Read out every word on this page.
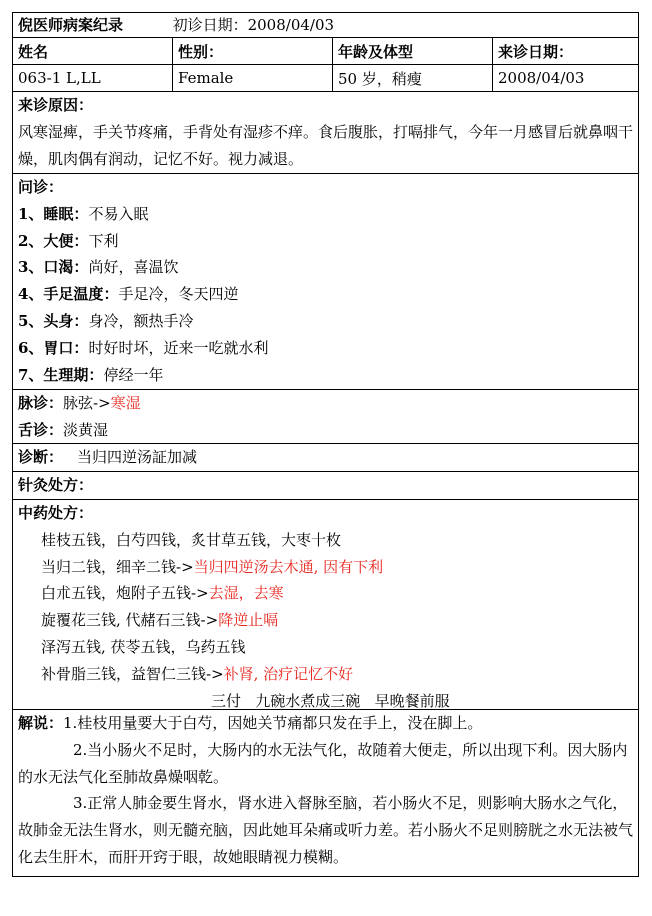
倪医师病案纪录	初诊日期：2008/04/03
姓名	性别：	年龄及体型	来诊日期：
063-1 L,LL	Female	50 岁，稍瘦	2008/04/03
来诊原因：
风寒湿痺，手关节疼痛，手背处有湿疹不痒。食后腹胀，打嗝排气，今年一月感冒后就鼻咽干燥，肌肉偶有润动，记忆不好。视力减退。
问诊：
1、睡眠：不易入眠
2、大便：下利
3、口渴：尚好，喜温饮
4、手足温度：手足冷，冬天四逆
5、头身：身冷，额热手冷
6、胃口：时好时坏，近来一吃就水利
7、生理期：停经一年
脉诊：脉弦->寒湿
舌诊：淡黄湿
诊断： 当归四逆汤証加减
针灸处方：
中药处方：
桂枝五钱，白芍四钱，炙甘草五钱，大枣十枚
当归二钱，细辛二钱->当归四逆汤去木通, 因有下利
白朮五钱，炮附子五钱->去湿，去寒
旋覆花三钱, 代赭石三钱->降逆止嗝
泽泻五钱, 茯苓五钱，乌药五钱
补骨脂三钱，益智仁三钱->补肾, 治疗记忆不好
三付   九碗水煮成三碗   早晚餐前服
解说：1.桂枝用量要大于白芍，因她关节痛都只发在手上，没在脚上。
2.当小肠火不足时，大肠内的水无法气化，故随着大便走，所以出现下利。因大肠内的水无法气化至肺故鼻燥咽乾。
3.正常人肺金要生肾水，肾水进入督脉至脑，若小肠火不足，则影响大肠水之气化，故肺金无法生肾水，则无髓充脑，因此她耳朵痛或听力差。若小肠火不足则膀胱之水无法被气化去生肝木，而肝开窍于眼，故她眼睛视力模糊。
